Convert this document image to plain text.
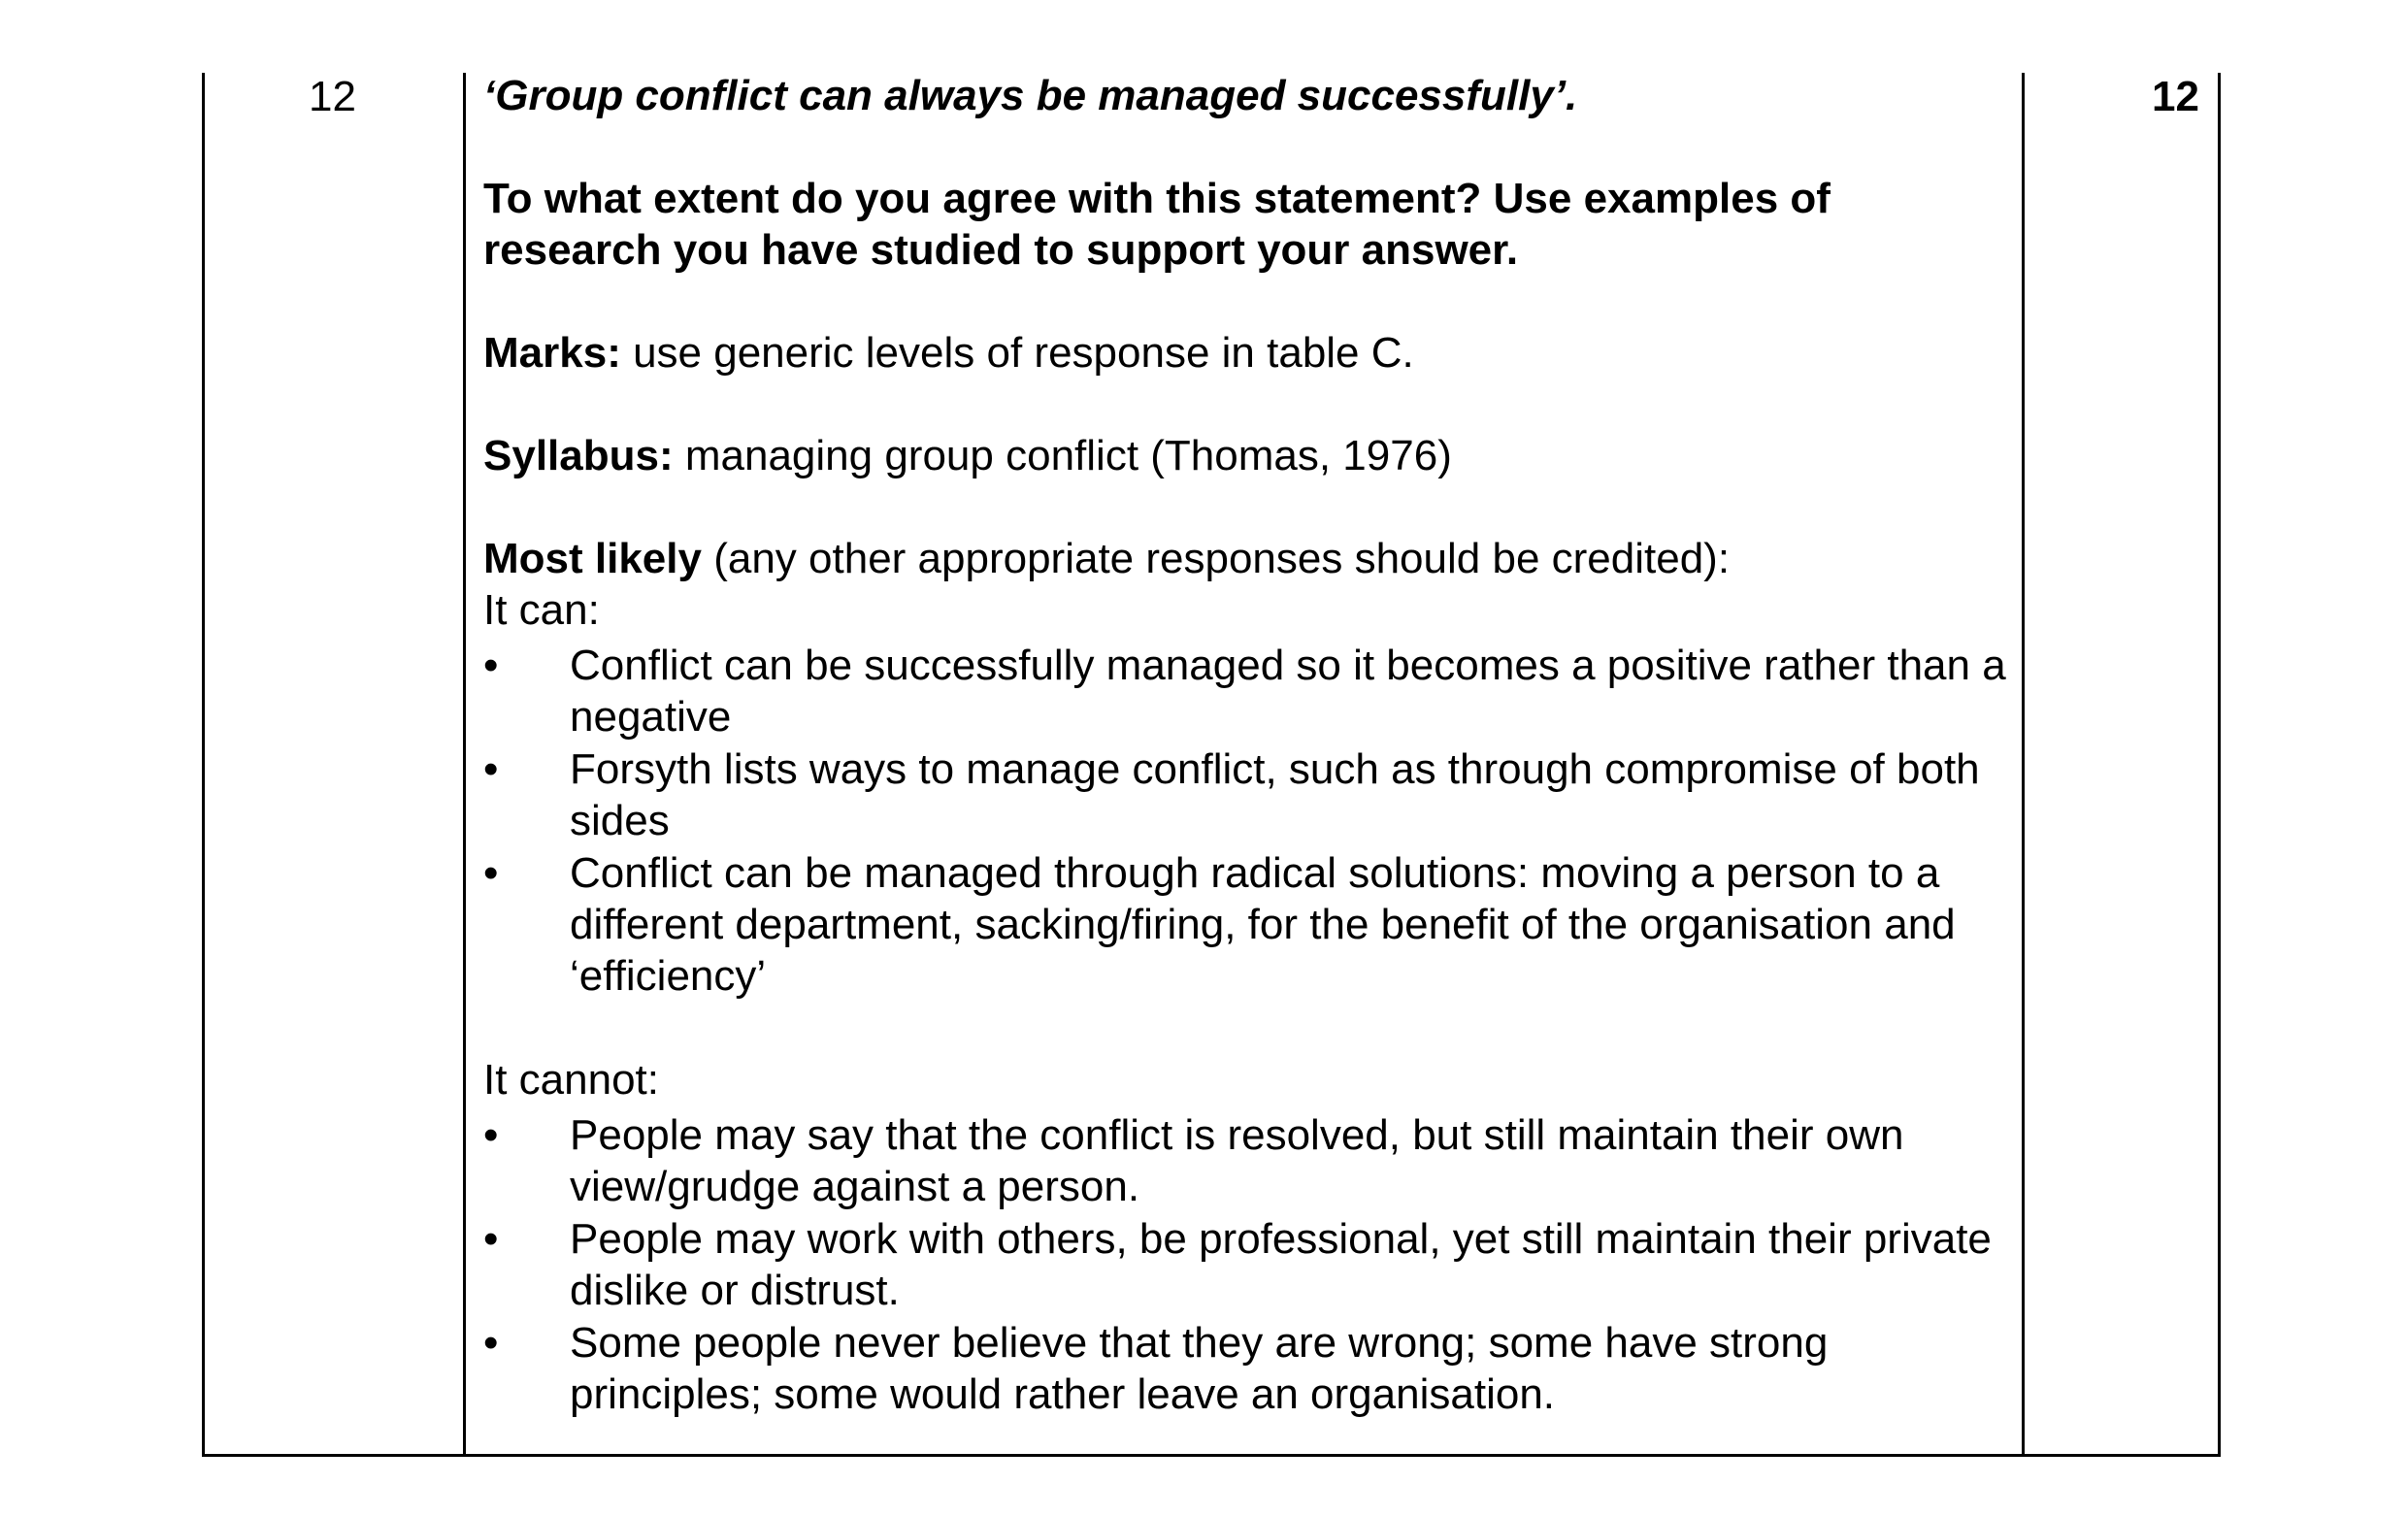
12	12

‘Group conflict can always be managed successfully’.

To what extent do you agree with this statement? Use examples of research you have studied to support your answer.

Marks: use generic levels of response in table C.

Syllabus: managing group conflict (Thomas, 1976)

Most likely (any other appropriate responses should be credited):

It can:

• Conflict can be successfully managed so it becomes a positive rather than a negative
• Forsyth lists ways to manage conflict, such as through compromise of both sides
• Conflict can be managed through radical solutions: moving a person to a different department, sacking/firing, for the benefit of the organisation and ‘efficiency’

It cannot:

• People may say that the conflict is resolved, but still maintain their own view/grudge against a person.
• People may work with others, be professional, yet still maintain their private dislike or distrust.
• Some people never believe that they are wrong; some have strong principles; some would rather leave an organisation.
